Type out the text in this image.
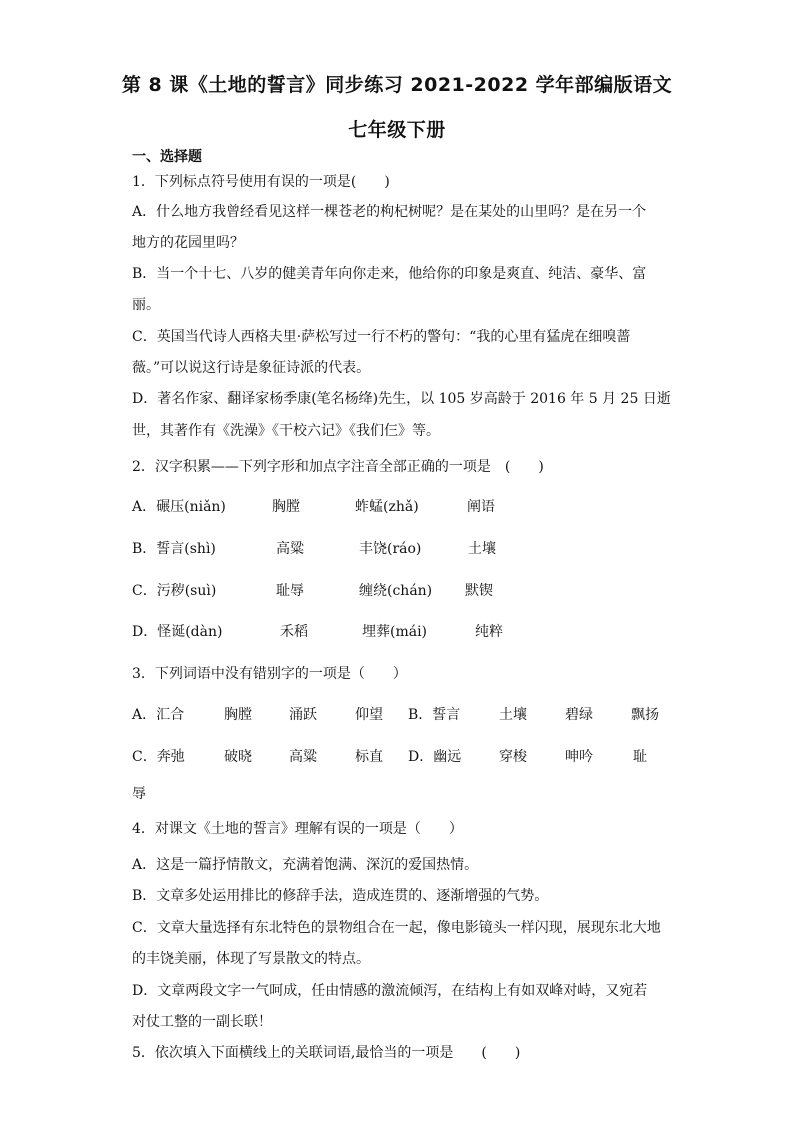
第 8 课《土地的誓言》同步练习 2021-2022 学年部编版语文
七年级下册
一、选择题
1．下列标点符号使用有误的一项是(　　)
A．什么地方我曾经看见这样一棵苍老的枸杞树呢？是在某处的山里吗？是在另一个
地方的花园里吗？
B．当一个十七、八岁的健美青年向你走来，他给你的印象是爽直、纯洁、豪华、富
丽。
C．英国当代诗人西格夫里·萨松写过一行不朽的警句：“我的心里有猛虎在细嗅蔷
薇。”可以说这行诗是象征诗派的代表。
D．著名作家、翻译家杨季康(笔名杨绛)先生，以 105 岁高龄于 2016 年 5 月 25 日逝
世，其著作有《洗澡》《干校六记》《我们仨》等。
2．汉字积累——下列字形和加点字注音全部正确的一项是　(　　)
A．碾压(niǎn)	胸膛	蚱蜢(zhǎ)	阐语
B．誓言(shì)	高粱	丰饶(ráo)	土壤
C．污秽(suì)	耻辱	缠绕(chán) 默锲
D．怪诞(dàn)	禾稻	埋葬(mái)	纯粹
3．下列词语中没有错别字的一项是（　　）
A．汇合	胸膛	涌跃	仰望 B．誓言	土壤	碧绿	飘扬
C．奔弛	破晓	高粱	标直 D．幽远	穿梭	呻吟	耻
辱
4．对课文《土地的誓言》理解有误的一项是（　　）
A．这是一篇抒情散文，充满着饱满、深沉的爱国热情。
B．文章多处运用排比的修辞手法，造成连贯的、逐渐增强的气势。
C．文章大量选择有东北特色的景物组合在一起，像电影镜头一样闪现，展现东北大地
的丰饶美丽，体现了写景散文的特点。
D．文章两段文字一气呵成，任由情感的激流倾泻，在结构上有如双峰对峙，又宛若
对仗工整的一副长联！
5．依次填入下面横线上的关联词语,最恰当的一项是　　(　　)
